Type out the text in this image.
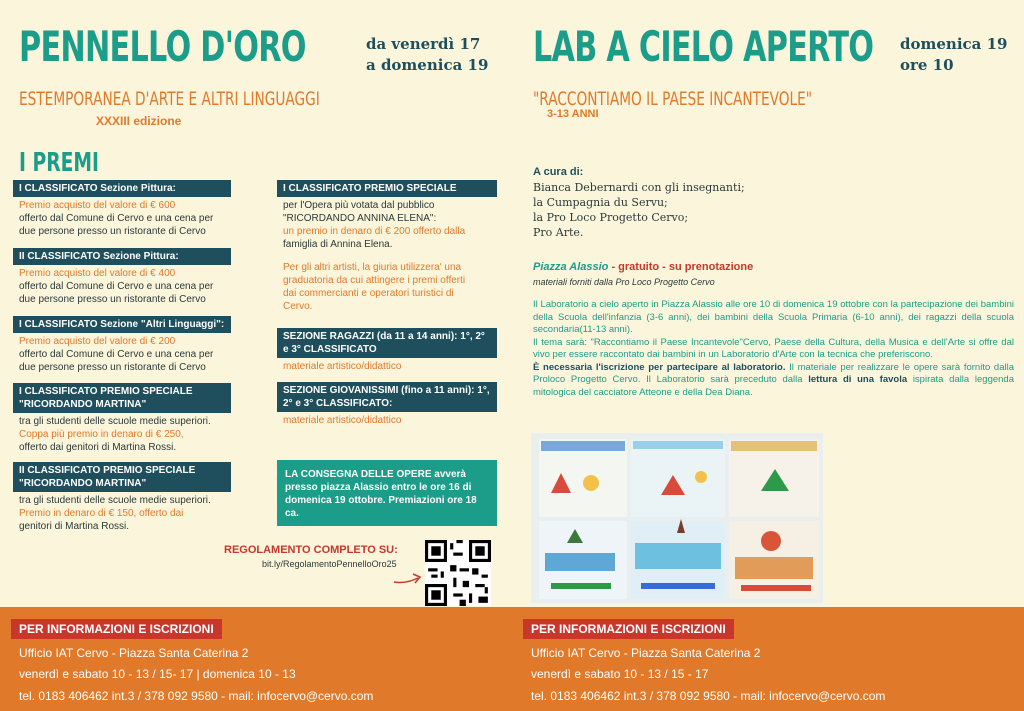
PENNELLO D'ORO	da venerdì 17
a domenica 19
ESTEMPORANEA D'ARTE E ALTRI LINGUAGGI
XXXIII edizione
I PREMI
I CLASSIFICATO Sezione Pittura:
Premio acquisto del valore di € 600
offerto dal Comune di Cervo e una cena per
due persone presso un ristorante di Cervo
II CLASSIFICATO Sezione Pittura:
Premio acquisto del valore di € 400
offerto dal Comune di Cervo e una cena per
due persone presso un ristorante di Cervo
I CLASSIFICATO Sezione "Altri Linguaggi":
Premio acquisto del valore di € 200
offerto dal Comune di Cervo e una cena per
due persone presso un ristorante di Cervo
I CLASSIFICATO PREMIO SPECIALE "RICORDANDO MARTINA"
tra gli studenti delle scuole medie superiori.
Coppa più premio in denaro di € 250,
offerto dai genitori di Martina Rossi.
II CLASSIFICATO PREMIO SPECIALE "RICORDANDO MARTINA"
tra gli studenti delle scuole medie superiori.
Premio in denaro di € 150, offerto dai
genitori di Martina Rossi.
I CLASSIFICATO PREMIO SPECIALE
per l'Opera più votata dal pubblico
"RICORDANDO ANNINA ELENA":
un premio in denaro di € 200 offerto dalla
famiglia di Annina Elena.
Per gli altri artisti, la giuria utilizzera' una
graduatoria da cui attingere i premi offerti
dai commercianti e operatori turistici di
Cervo.
SEZIONE RAGAZZI (da 11 a 14 anni): 1°, 2° e 3° CLASSIFICATO
materiale artistico/didattico
SEZIONE GIOVANISSIMI (fino a 11 anni): 1°, 2° e 3° CLASSIFICATO:
materiale artistico/didattico
LA CONSEGNA DELLE OPERE avverà presso piazza Alassio entro le ore 16 di domenica 19 ottobre. Premiazioni ore 18 ca.
REGOLAMENTO COMPLETO SU:
bit.ly/RegolamentoPennelloOro25
LAB A CIELO APERTO domenica 19
ore 10
"RACCONTIAMO IL PAESE INCANTEVOLE"
3-13 ANNI
A cura di:
Bianca Debernardi con gli insegnanti;
la Cumpagnia du Servu;
la Pro Loco Progetto Cervo;
Pro Arte.
Piazza Alassio - gratuito - su prenotazione
materiali forniti dalla Pro Loco Progetto Cervo
Il Laboratorio a cielo aperto in Piazza Alassio alle ore 10 di domenica 19 ottobre con la partecipazione dei bambini della Scuola dell'infanzia (3-6 anni), dei bambini della Scuola Primaria (6-10 anni), dei ragazzi della scuola secondaria(11-13 anni).
Il tema sarà: "Raccontiamo il Paese Incantevole"Cervo, Paese della Cultura, della Musica e dell'Arte si offre dal vivo per essere raccontato dai bambini in un Laboratorio d'Arte con la tecnica che preferiscono.
È necessaria l'iscrizione per partecipare al laboratorio. Il materiale per realizzare le opere sarà fornito dalla Proloco Progetto Cervo. Il Laboratorio sarà preceduto dalla lettura di una favola ispirata dalla leggenda mitologica del cacciatore Atteone e della Dea Diana.
PER INFORMAZIONI E ISCRIZIONI
Ufficio IAT Cervo - Piazza Santa Caterina 2
venerdì e sabato 10 - 13 / 15- 17 | domenica 10 - 13
tel. 0183 406462 int.3 / 378 092 9580 - mail: infocervo@cervo.com
PER INFORMAZIONI E ISCRIZIONI
Ufficio IAT Cervo - Piazza Santa Caterina 2
venerdì e sabato 10 - 13 / 15 - 17
tel. 0183 406462 int.3 / 378 092 9580 - mail: infocervo@cervo.com
